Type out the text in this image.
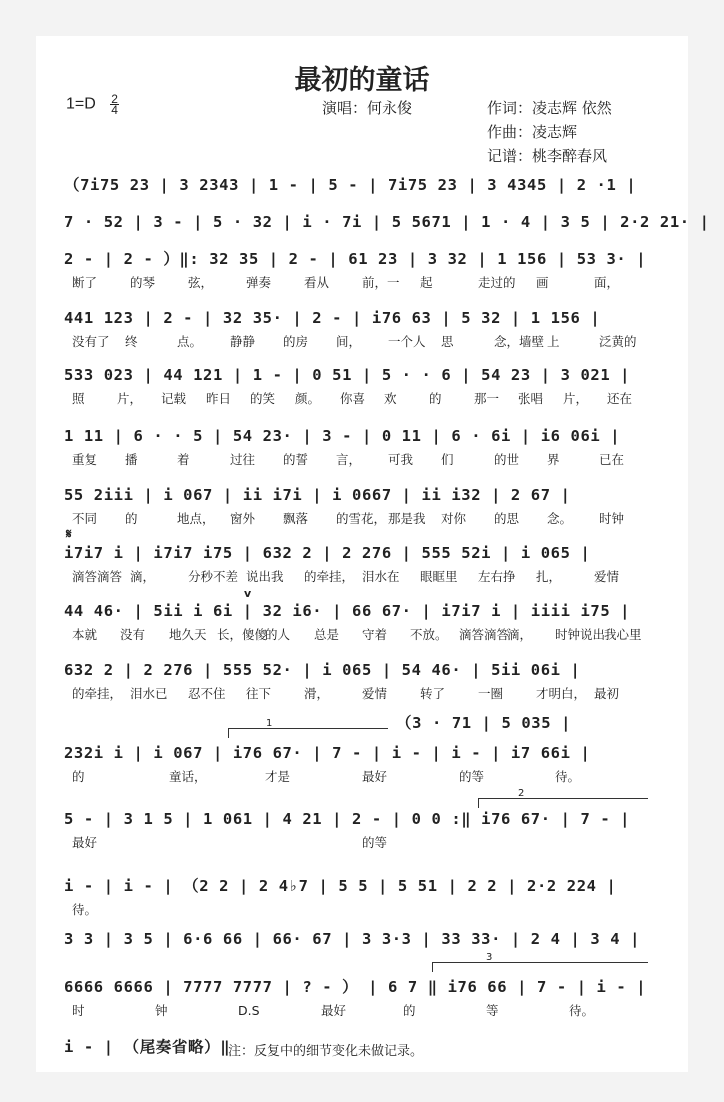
最初的童话
$1=D \frac{2}{4}$	演唱：何永俊	作词：凌志辉 依然
作曲：凌志辉
记谱：桃李醉春风
（7i75 23 | 3 2343 | 1 - | 5 - | 7i75 23 | 3 4345 | 2 ·1 |
7 · 52 | 3 - | 5 · 32 | i · 7i | 5 5671 | 1 · 4 | 3 5 | 2·2 21· |
2 - | 2 - ）‖: 32 35 | 2 - | 61 23 | 3 32 | 1 156 | 53 3· |
断了	的琴	弦，	弹奏	看从	前，一 起	走过的 画	面，
441 123 | 2 - | 32 35· | 2 - | i76 63 | 5 32 | 1 156 |
没有了 终	点。 静静 的房 间， 一个人 思	念，墙壁 上	泛黄的
533 023 | 44 121 | 1 - | 0 51 | 5 · · 6 | 54 23 | 3 021 |
照	片， 记载 昨日 的笑 颜。 你喜 欢	的	那一 张唱 片， 还在
1 11 | 6 · · 5 | 54 23· | 3 - | 0 11 | 6 · 6i | i6 06i |
重复 播	着	过往 的誓 言， 可我 们	的世 界	已在
55 2iii | i 067 | ii i7i | i 0667 | ii i32 | 2 67 |
不同 的	地点， 窗外 飘落 的雪花， 那是我 对你 的思 念。 时钟
𝄋
i7i7 i | i7i7 i75 | 632 2 | 2 276 | 555 52i | i 065 |
滴答滴答 滴，	分秒不差 说出我 的牵挂， 泪水在 眼眶里 左右挣 扎，	爱情
v
44 46· | 5ii i 6i | 32 i6· | 66 67· | i7i7 i | iiii i75 |
本就 没有 地久天 长，傻傻
的人 总是 守着 不放。 滴答滴答
滴， 时钟说出
我心里
632 2 | 2 276 | 555 52· | i 065 | 54 46· | 5ii 06i |
的牵挂， 泪水已 忍不住 往下	滑，	爱情	转了	一圈	才明白， 最初
1	（3 · 71 | 5 035 |
232i i | i 067 | i76 67· | 7 - | i - | i - | i7 66i |
的	童话，	才是	最好	的等	待。
2
5 - | 3 1 5 | 1 061 | 4 21 | 2 - | 0 0 :‖ i76 67· | 7 - |
最好	的等
i - | i - | （2 2 | 2 4♭7 | 5 5 | 5 51 | 2 2 | 2·2 224 |
待。
3 3 | 3 5 | 6·6 66 | 66· 67 | 3 3·3 | 33 33· | 2 4 | 3 4 |
3
6666 6666 | 7777 7777 | ? - ） | 6 7 ‖ i76 66 | 7 - | i - |
时	钟	D.S	最好	的	等	待。
i - | （尾奏省略）‖
注：反复中的细节变化未做记录。
